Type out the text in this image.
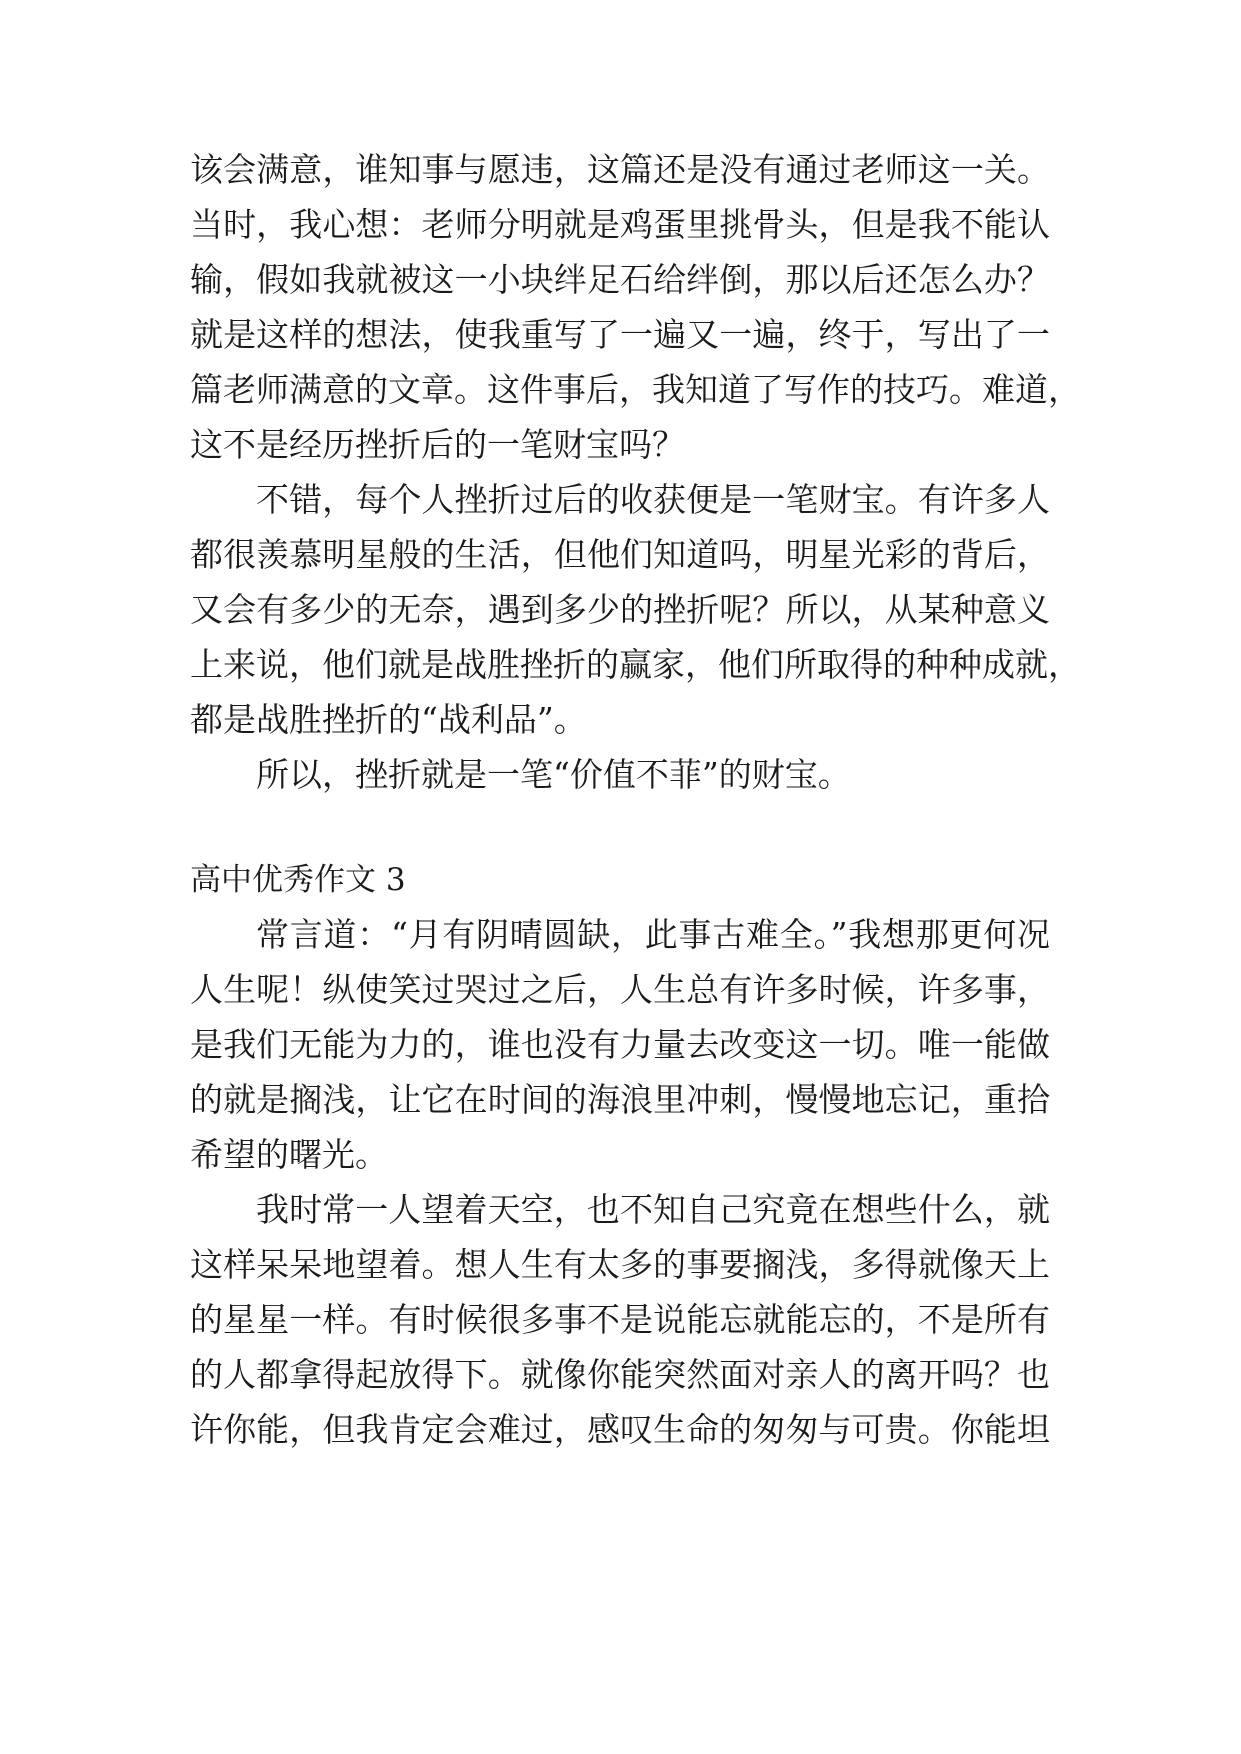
该会满意，谁知事与愿违，这篇还是没有通过老师这一关。
当时，我心想：老师分明就是鸡蛋里挑骨头，但是我不能认
输，假如我就被这一小块绊足石给绊倒，那以后还怎么办？
就是这样的想法，使我重写了一遍又一遍，终于，写出了一
篇老师满意的文章。这件事后，我知道了写作的技巧。难道，
这不是经历挫折后的一笔财宝吗？
不错，每个人挫折过后的收获便是一笔财宝。有许多人
都很羡慕明星般的生活，但他们知道吗，明星光彩的背后，
又会有多少的无奈，遇到多少的挫折呢？所以，从某种意义
上来说，他们就是战胜挫折的赢家，他们所取得的种种成就，
都是战胜挫折的“战利品”。
所以，挫折就是一笔“价值不菲”的财宝。
高中优秀作文 3
常言道：“月有阴晴圆缺，此事古难全。”我想那更何况
人生呢！纵使笑过哭过之后，人生总有许多时候，许多事，
是我们无能为力的，谁也没有力量去改变这一切。唯一能做
的就是搁浅，让它在时间的海浪里冲刺，慢慢地忘记，重拾
希望的曙光。
我时常一人望着天空，也不知自己究竟在想些什么，就
这样呆呆地望着。想人生有太多的事要搁浅，多得就像天上
的星星一样。有时候很多事不是说能忘就能忘的，不是所有
的人都拿得起放得下。就像你能突然面对亲人的离开吗？也
许你能，但我肯定会难过，感叹生命的匆匆与可贵。你能坦
